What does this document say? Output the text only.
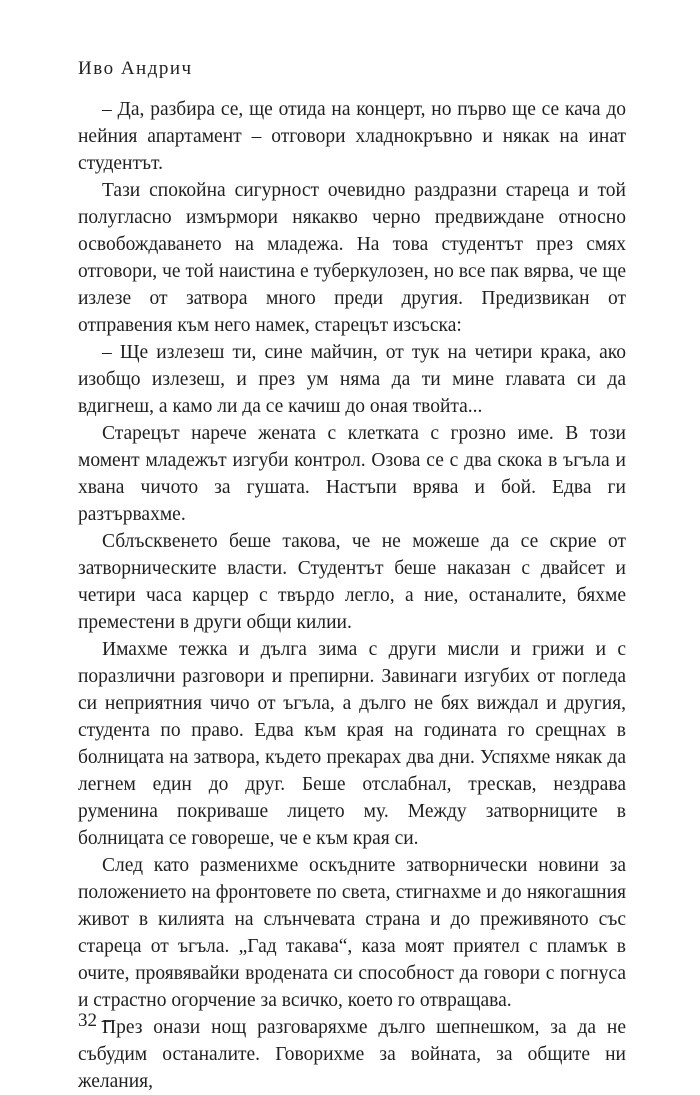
Иво Андрич

– Да, разбира се, ще отида на концерт, но първо ще се кача до нейния апартамент – отговори хладнокръвно и някак на инат студентът.

Тази спокойна сигурност очевидно раздразни стареца и той полугласно измърмори някакво черно предвиждане относно освобождаването на младежа. На това студентът през смях отговори, че той наистина е туберкулозен, но все пак вярва, че ще излезе от затвора много преди другия. Предизвикан от отправения към него намек, старецът изсъска:

– Ще излезеш ти, сине майчин, от тук на четири крака, ако изобщо излезеш, и през ум няма да ти мине главата си да вдигнеш, а камо ли да се качиш до оная твойта...

Старецът нарече жената с клетката с грозно име. В този момент младежът изгуби контрол. Озова се с два скока в ъгъла и хвана чичото за гушата. Настъпи врява и бой. Едва ги разтървахме.

Сблъсквeнето беше такова, че не можеше да се скрие от затворническите власти. Студентът беше наказан с двайсет и четири часа карцер с твърдо легло, а ние, останалите, бяхме преместени в други общи килии.

Имахме тежка и дълга зима с други мисли и грижи и с поразлични разговори и препирни. Завинаги изгубих от погледа си неприятния чичо от ъгъла, а дълго не бях виждал и другия, студента по право. Едва към края на годината го срещнах в болницата на затвора, където прекарах два дни. Успяхме някак да легнем един до друг. Беше отслабнал, трескав, нездрава руменина покриваше лицето му. Между затворниците в болницата се говореше, че е към края си.

След като разменихме оскъдните затворнически новини за положението на фронтовете по света, стигнахме и до някогашния живот в килията на слънчевата страна и до преживяното със стареца от ъгъла. „Гад такава“, каза моят приятел с пламък в очите, проявявайки вродената си способност да говори с погнуса и страстно огорчение за всичко, което го отвращава.

През онази нощ разговаряхме дълго шепнешком, за да не събудим останалите. Говорихме за войната, за общите ни желания,

32 –
